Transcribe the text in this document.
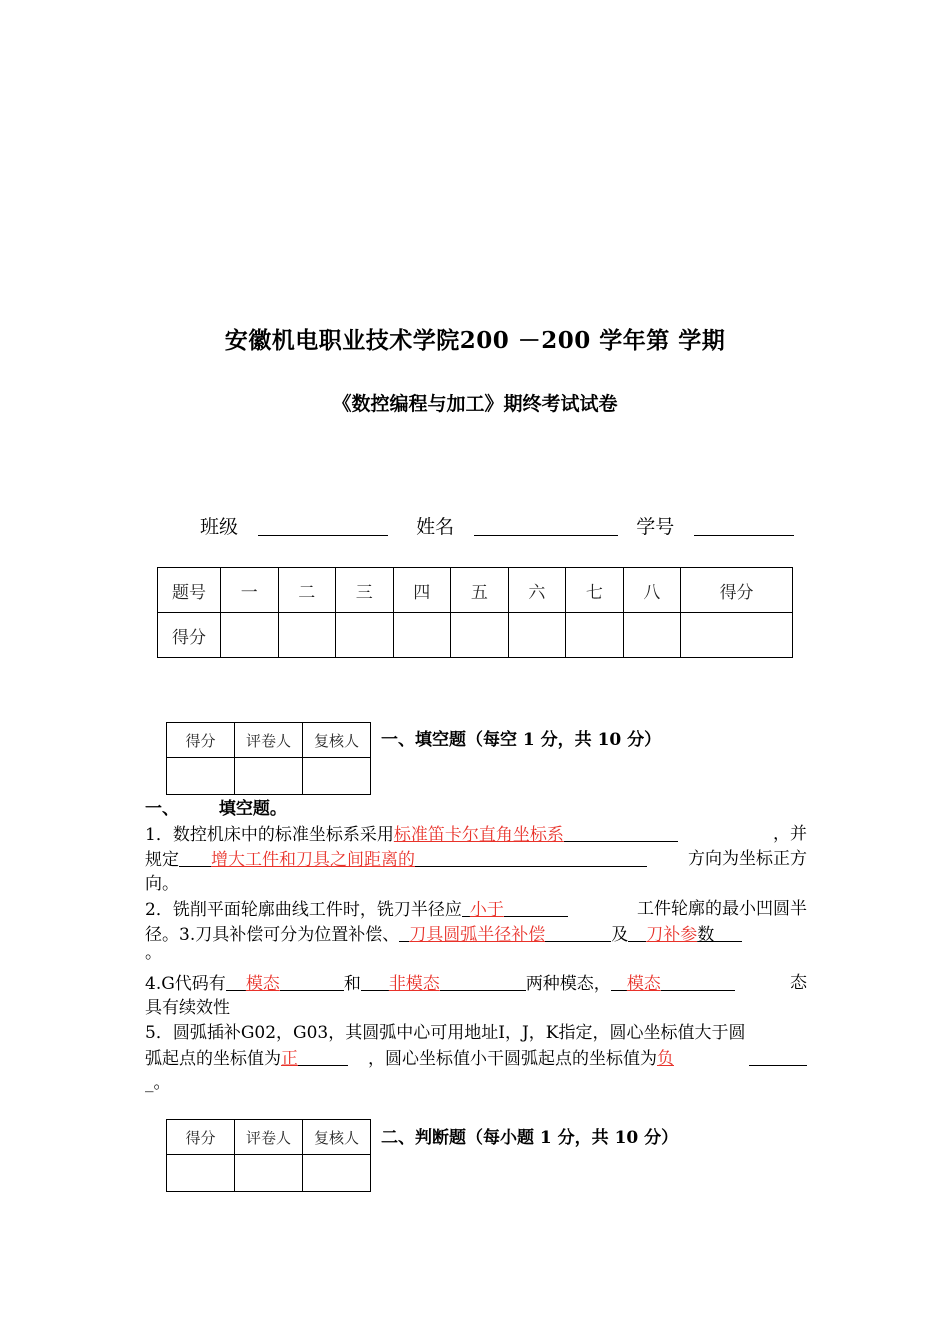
安徽机电职业技术学院200 －200 学年第 学期
《数控编程与加工》期终考试试卷
班级	姓名	学号
题号	一	二	三	四	五	六	七	八	得分
得分									
得分	评卷人	复核人
		一、填空题（每空 1 分，共 10 分）
一、 填空题。
1．数控机床中的标准坐标系采用标准笛卡尔直角坐标系	，并
规定 增大工件和刀具之间距离的	方向为坐标正方
向。
2．铣削平面轮廓曲线工件时，铣刀半径应 小于	工件轮廓的最小凹圆半
径。3.刀具补偿可分为位置补偿、 刀具圆弧半径补偿	及 刀补参数
。
4.G代码有 模态	和 非模态	两种模态， 模态	态
具有续效性
5．圆弧插补G02，G03，其圆弧中心可用地址I，J，K指定，圆心坐标值大于圆
弧起点的坐标值为正	，圆心坐标值小干圆弧起点的坐标值为负
_。
得分	评卷人	复核人
		二、判断题（每小题 1 分，共 10 分）
